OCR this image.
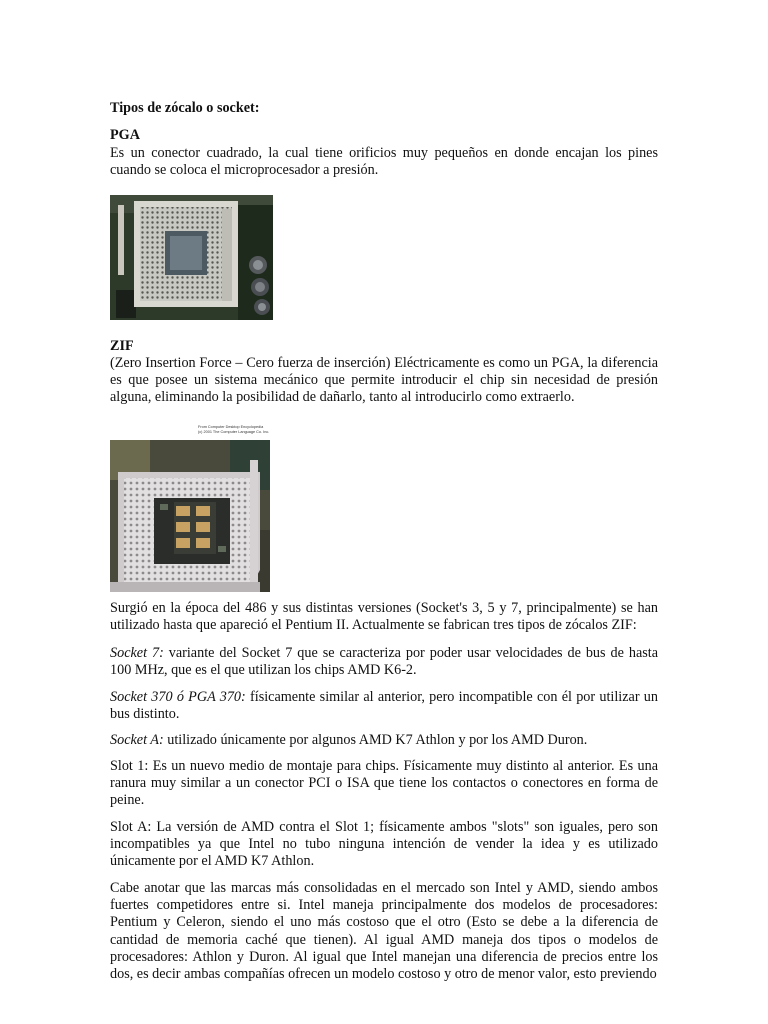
Tipos de zócalo o socket:

PGA

Es un conector cuadrado, la cual tiene orificios muy pequeños en donde encajan los pines cuando se coloca el microprocesador a presión.

ZIF

(Zero Insertion Force – Cero fuerza de inserción) Eléctricamente es como un PGA, la diferencia es que posee un sistema mecánico que permite introducir el chip sin necesidad de presión alguna, eliminando la posibilidad de dañarlo, tanto al introducirlo como extraerlo.

From Computer Desktop Encyclopedia
(c) 2001 The Computer Language Co. Inc.

Surgió en la época del 486 y sus distintas versiones (Socket's 3, 5 y 7, principalmente) se han utilizado hasta que apareció el Pentium II. Actualmente se fabrican tres tipos de zócalos ZIF:

Socket 7: variante del Socket 7 que se caracteriza por poder usar velocidades de bus de hasta 100 MHz, que es el que utilizan los chips AMD K6-2.

Socket 370 ó PGA 370: físicamente similar al anterior, pero incompatible con él por utilizar un bus distinto.

Socket A: utilizado únicamente por algunos AMD K7 Athlon y por los AMD Duron.

Slot 1: Es un nuevo medio de montaje para chips. Físicamente muy distinto al anterior. Es una ranura muy similar a un conector PCI o ISA que tiene los contactos o conectores en forma de peine.

Slot A: La versión de AMD contra el Slot 1; físicamente ambos "slots" son iguales, pero son incompatibles ya que Intel no tubo ninguna intención de vender la idea y es utilizado únicamente por el AMD K7 Athlon.

Cabe anotar que las marcas más consolidadas en el mercado son Intel y AMD, siendo ambos fuertes competidores entre si. Intel maneja principalmente dos modelos de procesadores: Pentium y Celeron, siendo el uno más costoso que el otro (Esto se debe a la diferencia de cantidad de memoria caché que tienen). Al igual AMD maneja dos tipos o modelos de procesadores: Athlon y Duron. Al igual que Intel manejan una diferencia de precios entre los dos, es decir ambas compañías ofrecen un modelo costoso y otro de menor valor, esto previendo
